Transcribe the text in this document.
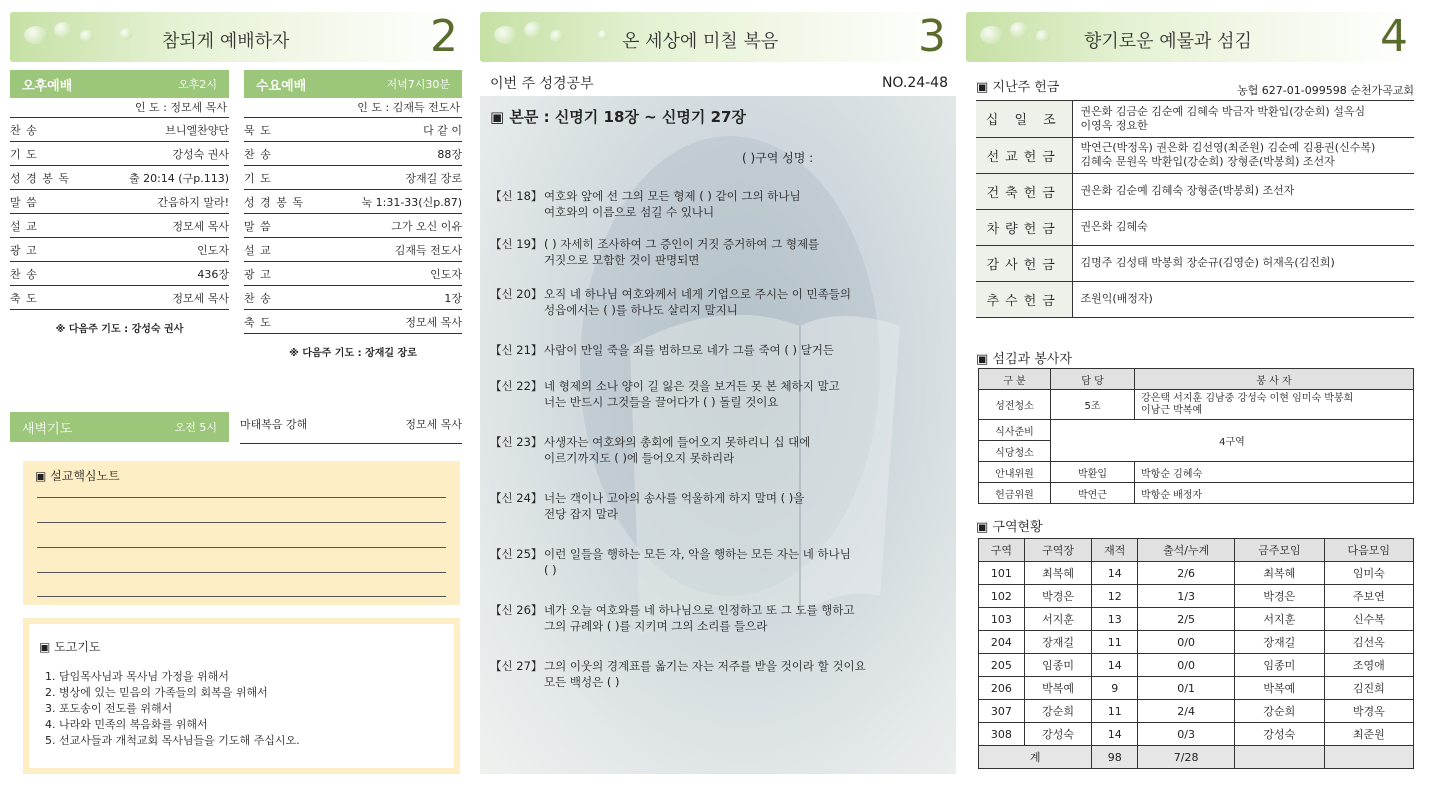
참되게 예배하자	2
오후예배	오후2시
인 도 : 정모세 목사
찬 송	브니엘찬양단
기 도	강성숙 권사
성 경 봉 독	출 20:14 (구p.113)
말 씀	간음하지 말라!
설 교	정모세 목사
광 고	인도자
찬 송	436장
축 도	정모세 목사
※ 다음주 기도 : 강성숙 권사
수요예배	저녁7시30분
인 도 : 김재득 전도사
묵 도	다 같 이
찬 송	88장
기 도	장재길 장로
성 경 봉 독	눅 1:31-33(신p.87)
말 씀	그가 오신 이유
설 교	김재득 전도사
광 고	인도자
찬 송	1장
축 도	정모세 목사
※ 다음주 기도 : 장재길 장로
새벽기도	오전 5시 마태복음 강해	정모세 목사
▣ 설교핵심노트
▣ 도고기도
1. 담임목사님과 목사님 가정을 위해서
2. 병상에 있는 믿음의 가족들의 회복을 위해서
3. 포도송이 전도를 위해서
4. 나라와 민족의 복음화를 위해서
5. 선교사들과 개척교회 목사님들을 기도해 주십시오.
온 세상에 미칠 복음	3
이번 주 성경공부	NO.24-48
▣ 본문 : 신명기 18장 ~ 신명기 27장
( )구역 성명 :
【신 18】 여호와 앞에 선 그의 모든 형제 ( ) 같이 그의 하나님
여호와의 이름으로 섬길 수 있나니
【신 19】 ( ) 자세히 조사하여 그 증인이 거짓 증거하여 그 형제를
거짓으로 모함한 것이 판명되면
【신 20】 오직 네 하나님 여호와께서 네게 기업으로 주시는 이 민족들의
성읍에서는 ( )를 하나도 살리지 말지니
【신 21】 사람이 만일 죽을 죄를 범하므로 네가 그를 죽여 ( ) 달거든
【신 22】 네 형제의 소나 양이 길 잃은 것을 보거든 못 본 체하지 말고
너는 반드시 그것들을 끌어다가 ( ) 돌릴 것이요
【신 23】 사생자는 여호와의 총회에 들어오지 못하리니 십 대에
이르기까지도 ( )에 들어오지 못하리라
【신 24】 너는 객이나 고아의 송사를 억울하게 하지 말며 ( )을
전당 잡지 말라
【신 25】 이런 일들을 행하는 모든 자, 악을 행하는 모든 자는 네 하나님
( )
【신 26】 네가 오늘 여호와를 네 하나님으로 인정하고 또 그 도를 행하고
그의 규례와 ( )를 지키며 그의 소리를 들으라
【신 27】 그의 이웃의 경계표를 옮기는 자는 저주를 받을 것이라 할 것이요
모든 백성은 ( )
향기로운 예물과 섬김	4
▣ 지난주 헌금	농협 627-01-099598 순천가곡교회
십 일 조	권은화 김금순 김순예 김혜숙 박금자 박환입(강순희) 설옥심
이영옥 정요한

선교헌금	박연근(박정옥) 권은화 김선영(최준원) 김순예 김용권(신수복)
김혜숙 문원옥 박환입(강순희) 장형준(박봉희) 조선자

건축헌금	권은화 김순예 김혜숙 장형준(박봉희) 조선자
차량헌금	권은화 김혜숙
감사헌금	김명주 김성태 박봉희 장순규(김영순) 허재옥(김진희)
추수헌금	조원익(배정자)
▣ 섬김과 봉사자
구 분	담 당	봉 사 자
성전청소	5조	강은택 서지훈 김남중 강성숙 이현 임미숙 박봉희
이남근 박복예

식사준비	4구역	
식당청소		
안내위원	박환입	박항순 김혜숙
헌금위원	박연근	박항순 배정자
▣ 구역현황
구역	구역장	재적	출석/누계	금주모임	다음모임
101	최복혜	14	2/6	최복혜	임미숙
102	박경은	12	1/3	박경은	주보연
103	서지훈	13	2/5	서지훈	신수복
204	장재길	11	0/0	장재길	김선옥
205	임종미	14	0/0	임종미	조영애
206	박복예	9	0/1	박복예	김진희
307	강순희	11	2/4	강순희	박경옥
308	강성숙	14	0/3	강성숙	최준원
계		98	7/28		
